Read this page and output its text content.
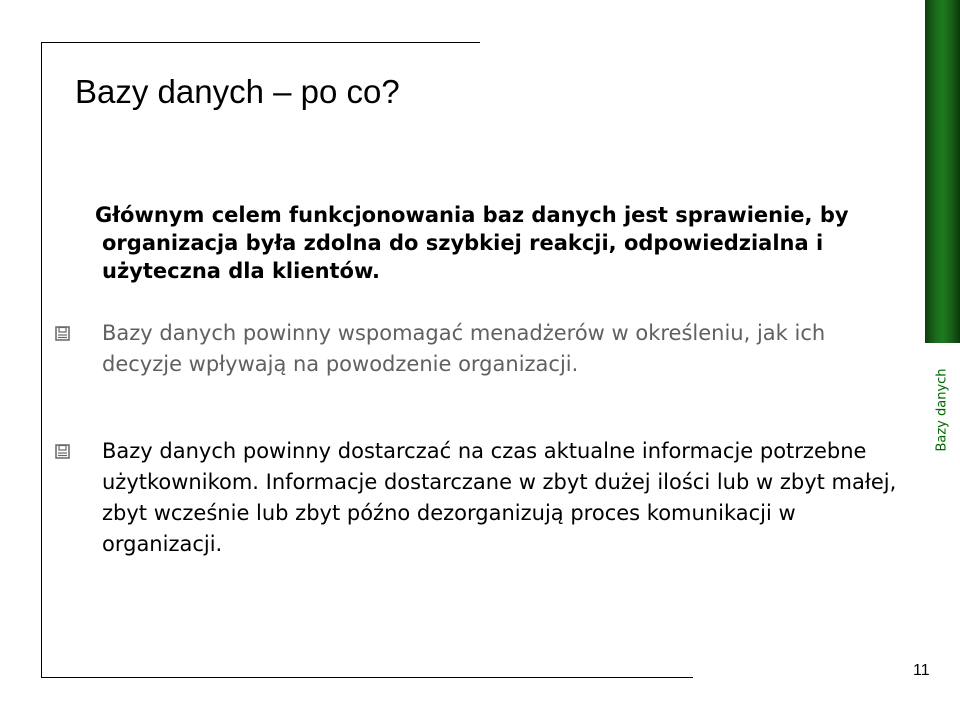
Bazy danych
Bazy danych – po co?

Głównym celem funkcjonowania baz danych jest sprawienie, by organizacja była zdolna do szybkiej reakcji, odpowiedzialna i użyteczna dla klientów.

Bazy danych powinny wspomagać menadżerów w określeniu, jak ich decyzje wpływają na powodzenie organizacji.

Bazy danych powinny dostarczać na czas aktualne informacje potrzebne użytkownikom. Informacje dostarczane w zbyt dużej ilości lub w zbyt małej, zbyt wcześnie lub zbyt późno dezorganizują proces komunikacji w organizacji.

11
